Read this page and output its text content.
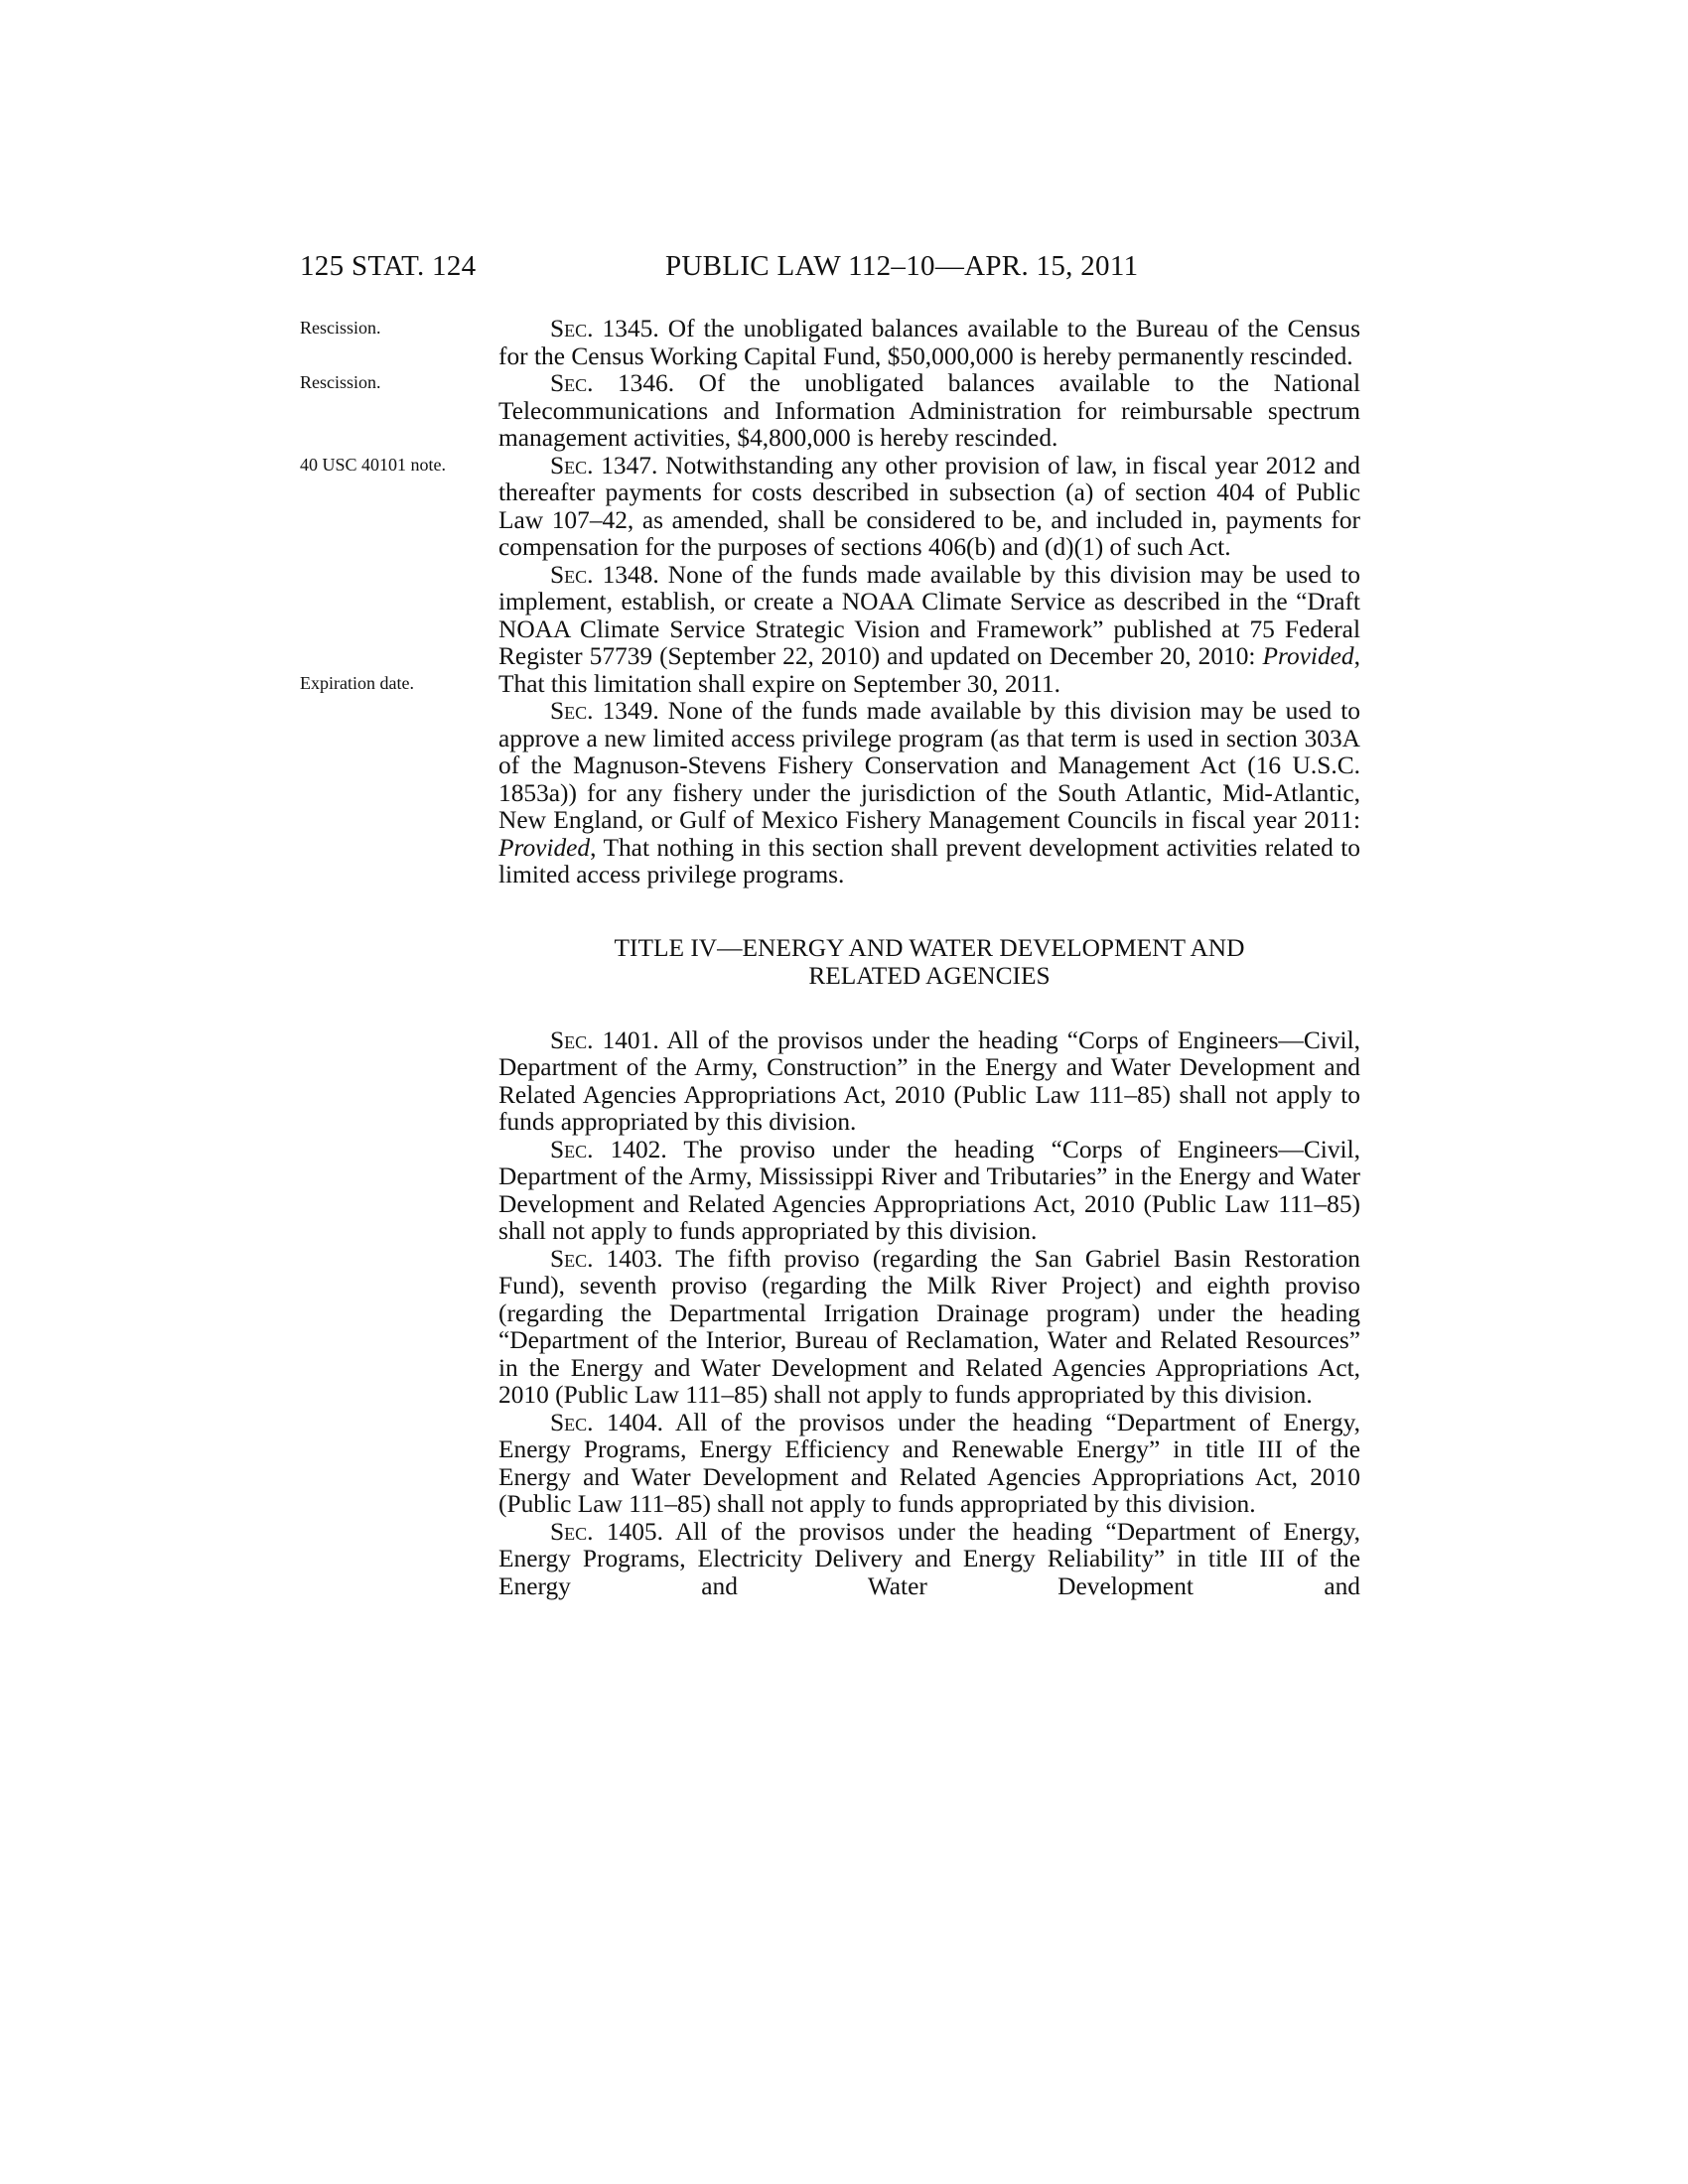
125 STAT. 124	PUBLIC LAW 112–10—APR. 15, 2011

Rescission.	Sec. 1345. Of the unobligated balances available to the Bureau of the Census for the Census Working Capital Fund, $50,000,000 is hereby permanently rescinded.

Rescission.	Sec. 1346. Of the unobligated balances available to the National Telecommunications and Information Administration for reimbursable spectrum management activities, $4,800,000 is hereby rescinded.

40 USC 40101 note.	Sec. 1347. Notwithstanding any other provision of law, in fiscal year 2012 and thereafter payments for costs described in subsection (a) of section 404 of Public Law 107–42, as amended, shall be considered to be, and included in, payments for compensation for the purposes of sections 406(b) and (d)(1) of such Act.

Expiration date.
Sec. 1348. None of the funds made available by this division may be used to implement, establish, or create a NOAA Climate Service as described in the “Draft NOAA Climate Service Strategic Vision and Framework” published at 75 Federal Register 57739 (September 22, 2010) and updated on December 20, 2010: Provided, That this limitation shall expire on September 30, 2011.

Sec. 1349. None of the funds made available by this division may be used to approve a new limited access privilege program (as that term is used in section 303A of the Magnuson-Stevens Fishery Conservation and Management Act (16 U.S.C. 1853a)) for any fishery under the jurisdiction of the South Atlantic, Mid-Atlantic, New England, or Gulf of Mexico Fishery Management Councils in fiscal year 2011: Provided, That nothing in this section shall prevent development activities related to limited access privilege programs.

TITLE IV—ENERGY AND WATER DEVELOPMENT AND
RELATED AGENCIES

Sec. 1401. All of the provisos under the heading “Corps of Engineers—Civil, Department of the Army, Construction” in the Energy and Water Development and Related Agencies Appropriations Act, 2010 (Public Law 111–85) shall not apply to funds appropriated by this division.

Sec. 1402. The proviso under the heading “Corps of Engineers—Civil, Department of the Army, Mississippi River and Tributaries” in the Energy and Water Development and Related Agencies Appropriations Act, 2010 (Public Law 111–85) shall not apply to funds appropriated by this division.

Sec. 1403. The fifth proviso (regarding the San Gabriel Basin Restoration Fund), seventh proviso (regarding the Milk River Project) and eighth proviso (regarding the Departmental Irrigation Drainage program) under the heading “Department of the Interior, Bureau of Reclamation, Water and Related Resources” in the Energy and Water Development and Related Agencies Appropriations Act, 2010 (Public Law 111–85) shall not apply to funds appropriated by this division.

Sec. 1404. All of the provisos under the heading “Department of Energy, Energy Programs, Energy Efficiency and Renewable Energy” in title III of the Energy and Water Development and Related Agencies Appropriations Act, 2010 (Public Law 111–85) shall not apply to funds appropriated by this division.

Sec. 1405. All of the provisos under the heading “Department of Energy, Energy Programs, Electricity Delivery and Energy Reliability” in title III of the Energy and Water Development and
